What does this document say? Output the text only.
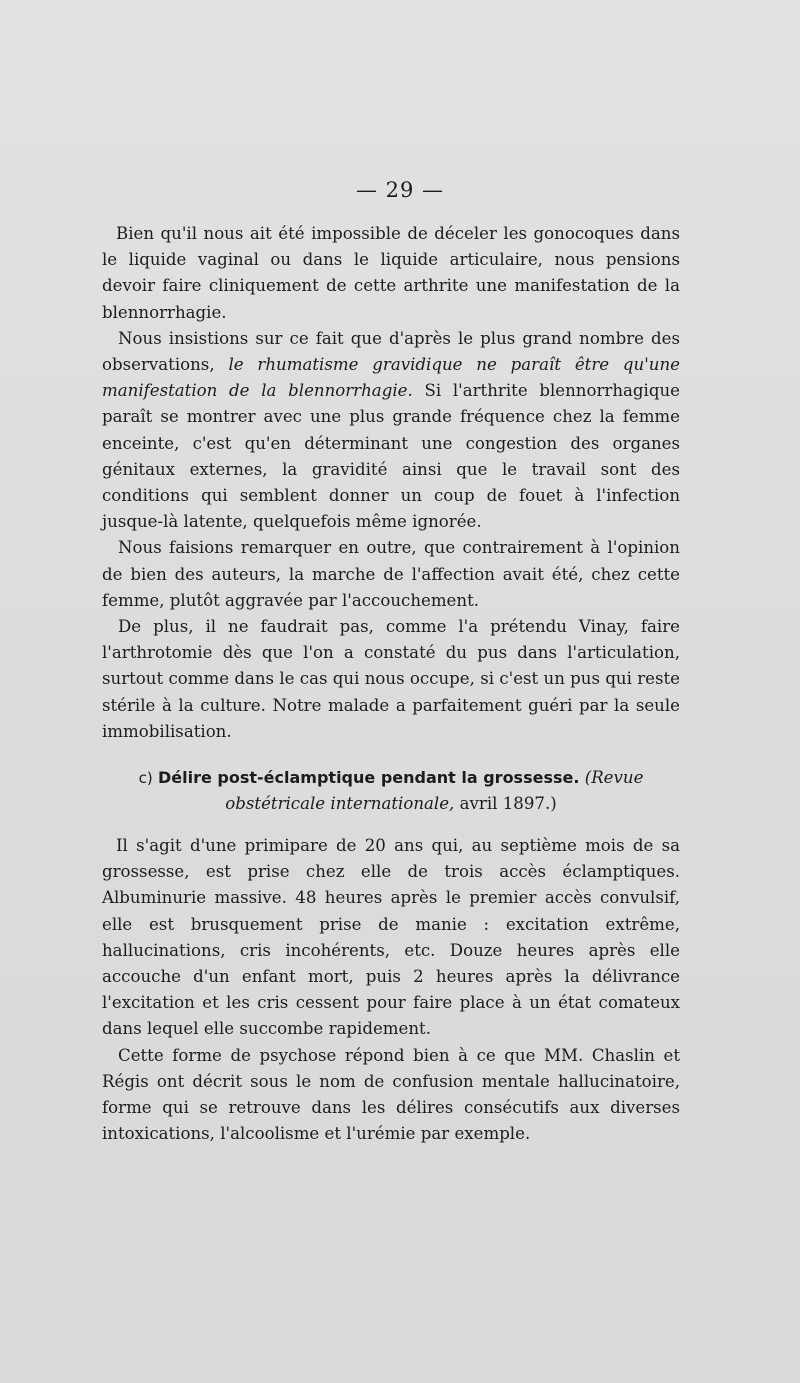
— 29 —

Bien qu'il nous ait été impossible de déceler les gonocoques dans le liquide vaginal ou dans le liquide articulaire, nous pensions devoir faire cliniquement de cette arthrite une manifestation de la blennorrhagie.

Nous insistions sur ce fait que d'après le plus grand nombre des observations, le rhumatisme gravidique ne paraît être qu'une manifestation de la blennorrhagie. Si l'arthrite blennorrhagique paraît se montrer avec une plus grande fréquence chez la femme enceinte, c'est qu'en déterminant une congestion des organes génitaux externes, la gravidité ainsi que le travail sont des conditions qui semblent donner un coup de fouet à l'infection jusque-là latente, quelquefois même ignorée.

Nous faisions remarquer en outre, que contrairement à l'opinion de bien des auteurs, la marche de l'affection avait été, chez cette femme, plutôt aggravée par l'accouchement.

De plus, il ne faudrait pas, comme l'a prétendu Vinay, faire l'arthrotomie dès que l'on a constaté du pus dans l'articulation, surtout comme dans le cas qui nous occupe, si c'est un pus qui reste stérile à la culture. Notre malade a parfaitement guéri par la seule immobilisation.

c) Délire post-éclamptique pendant la grossesse. (Revue obstétricale internationale, avril 1897.)

Il s'agit d'une primipare de 20 ans qui, au septième mois de sa grossesse, est prise chez elle de trois accès éclamptiques. Albuminurie massive. 48 heures après le premier accès convulsif, elle est brusquement prise de manie : excitation extrême, hallucinations, cris incohérents, etc. Douze heures après elle accouche d'un enfant mort, puis 2 heures après la délivrance l'excitation et les cris cessent pour faire place à un état comateux dans lequel elle succombe rapidement.

Cette forme de psychose répond bien à ce que MM. Chaslin et Régis ont décrit sous le nom de confusion mentale hallucinatoire, forme qui se retrouve dans les délires consécutifs aux diverses intoxications, l'alcoolisme et l'urémie par exemple.
